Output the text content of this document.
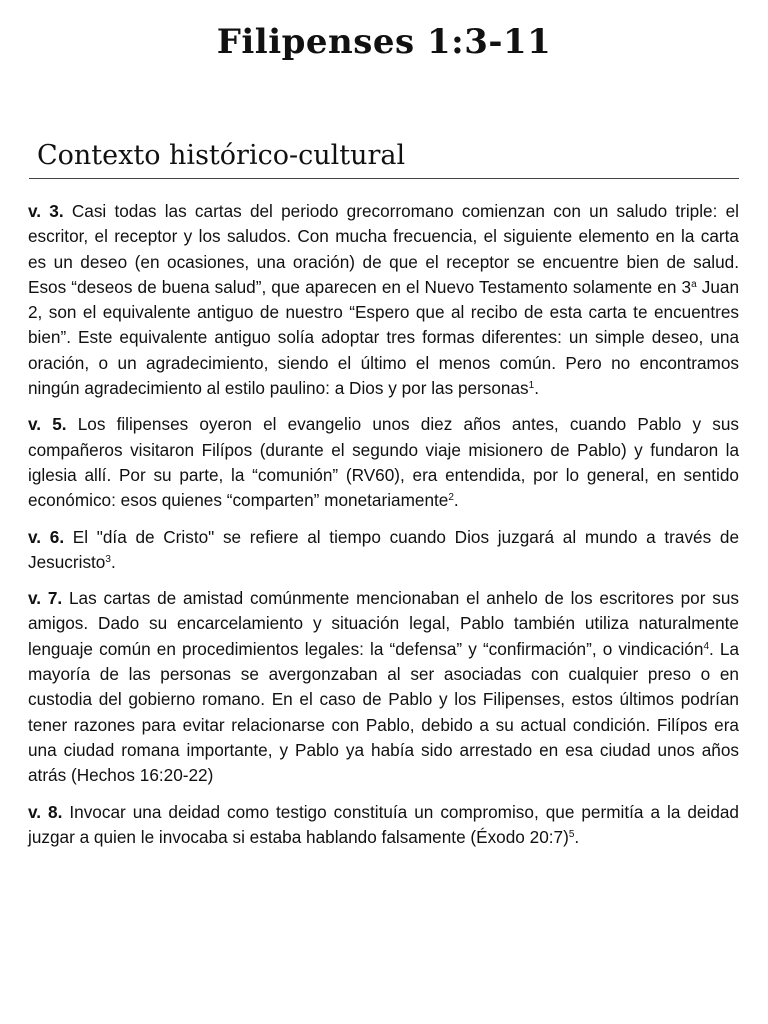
Filipenses 1:3-11
Contexto histórico-cultural

v. 3. Casi todas las cartas del periodo grecorromano comienzan con un saludo triple: el escritor, el receptor y los saludos. Con mucha frecuencia, el siguiente elemento en la carta es un deseo (en ocasiones, una oración) de que el receptor se encuentre bien de salud. Esos “deseos de buena salud”, que aparecen en el Nuevo Testamento solamente en 3$^a$ Juan 2, son el equivalente antiguo de nuestro “Espero que al recibo de esta carta te encuentres bien”. Este equivalente antiguo solía adoptar tres formas diferentes: un simple deseo, una oración, o un agradecimiento, siendo el último el menos común. Pero no encontramos ningún agradecimiento al estilo paulino: a Dios y por las personas$^1$.

v. 5. Los filipenses oyeron el evangelio unos diez años antes, cuando Pablo y sus compañeros visitaron Filípos (durante el segundo viaje misionero de Pablo) y fundaron la iglesia allí. Por su parte, la “comunión” (RV60), era entendida, por lo general, en sentido económico: esos quienes “comparten” monetariamente$^2$.

v. 6. El "día de Cristo" se refiere al tiempo cuando Dios juzgará al mundo a través de Jesucristo$^3$.

v. 7. Las cartas de amistad comúnmente mencionaban el anhelo de los escritores por sus amigos. Dado su encarcelamiento y situación legal, Pablo también utiliza naturalmente lenguaje común en procedimientos legales: la “defensa” y “confirmación”, o vindicación$^4$. La mayoría de las personas se avergonzaban al ser asociadas con cualquier preso o en custodia del gobierno romano. En el caso de Pablo y los Filipenses, estos últimos podrían tener razones para evitar relacionarse con Pablo, debido a su actual condición. Filípos era una ciudad romana importante, y Pablo ya había sido arrestado en esa ciudad unos años atrás (Hechos 16:20-22)

v. 8. Invocar una deidad como testigo constituía un compromiso, que permitía a la deidad juzgar a quien le invocaba si estaba hablando falsamente (Éxodo 20:7)$^5$.
